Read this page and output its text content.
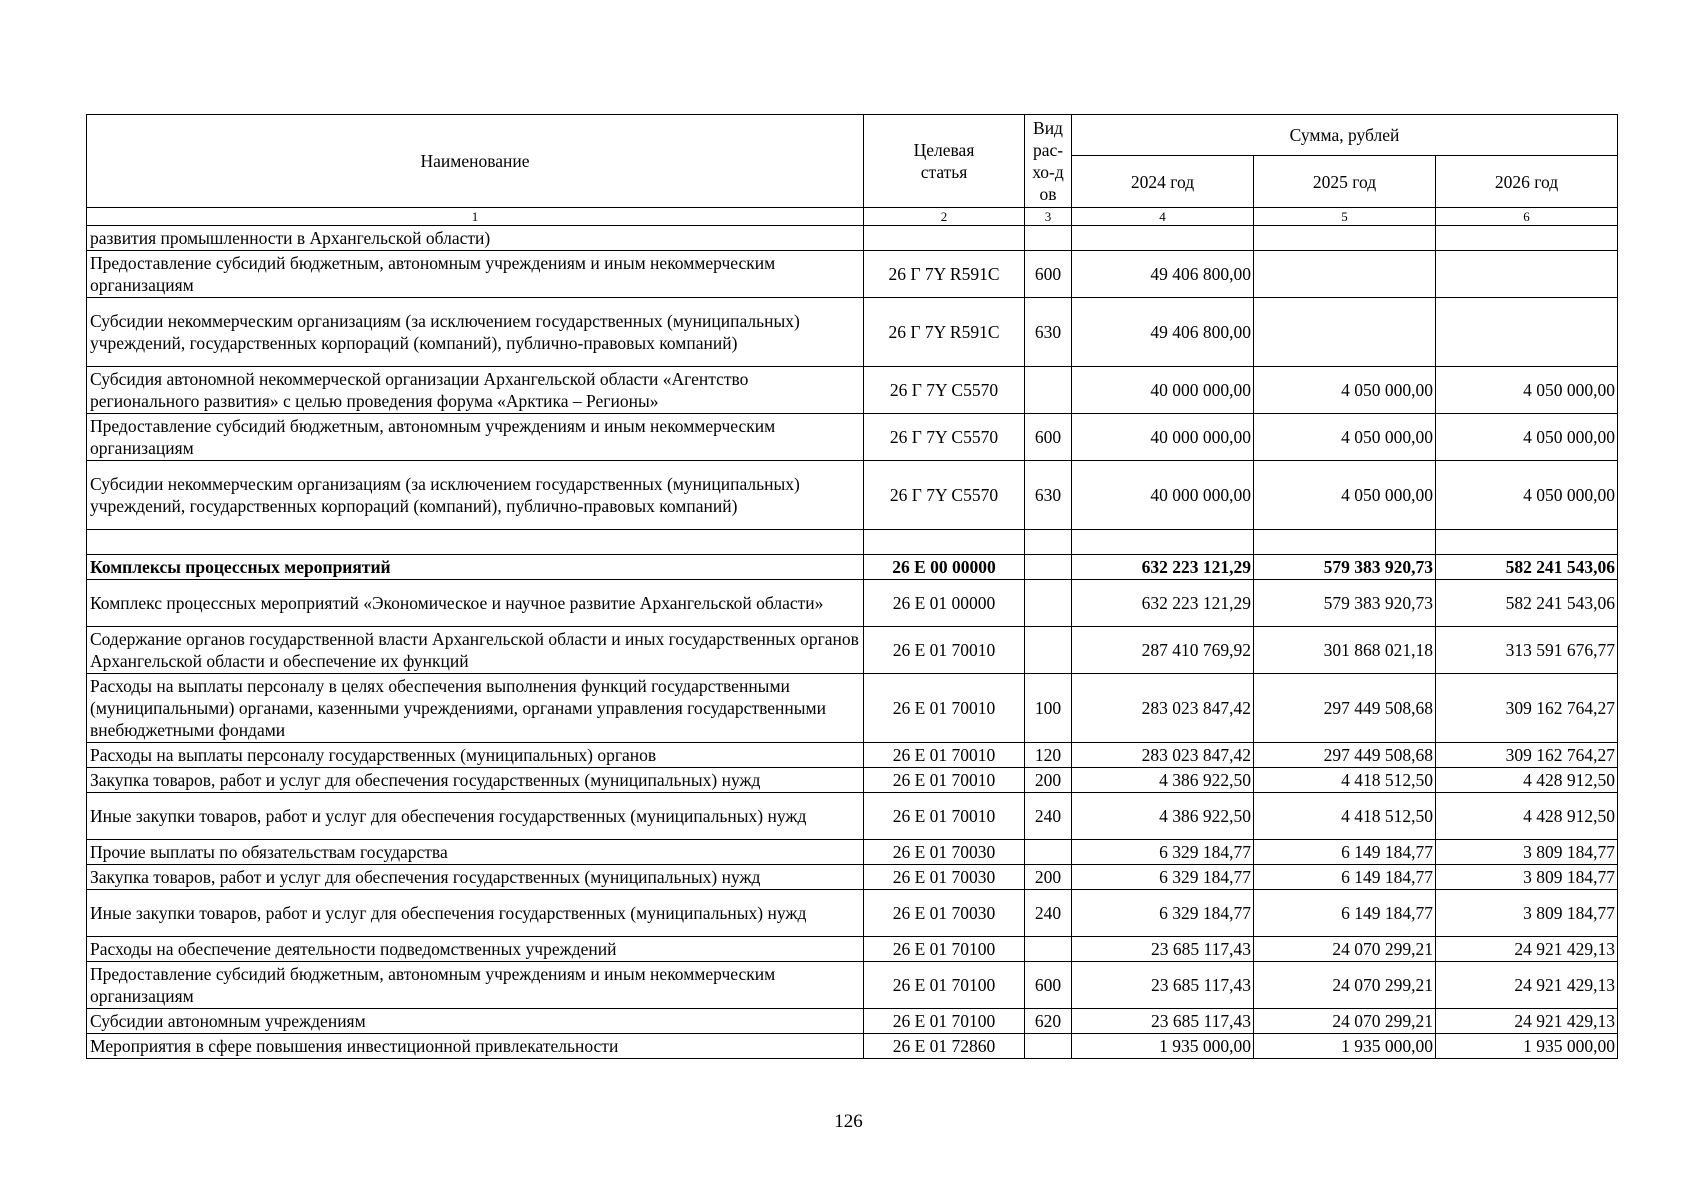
Наименование	Целевая статья	Вид рас-хо-дов	Сумма, рублей		
			2024 год	2025 год	2026 год
1	2	3	4	5	6
развития промышленности в Архангельской области)					
Предоставление субсидий бюджетным, автономным учреждениям и иным некоммерческим организациям	26 Г 7Y R591C	600	49 406 800,00		
Субсидии некоммерческим организациям (за исключением государственных (муниципальных) учреждений, государственных корпораций (компаний), публично-правовых компаний)	26 Г 7Y R591C	630	49 406 800,00		
Субсидия автономной некоммерческой организации Архангельской области «Агентство регионального развития» с целью проведения форума «Арктика – Регионы»	26 Г 7Y С5570		40 000 000,00	4 050 000,00	4 050 000,00
Предоставление субсидий бюджетным, автономным учреждениям и иным некоммерческим организациям	26 Г 7Y С5570	600	40 000 000,00	4 050 000,00	4 050 000,00
Субсидии некоммерческим организациям (за исключением государственных (муниципальных) учреждений, государственных корпораций (компаний), публично-правовых компаний)	26 Г 7Y С5570	630	40 000 000,00	4 050 000,00	4 050 000,00

Комплексы процессных мероприятий	26 Е 00 00000		632 223 121,29	579 383 920,73	582 241 543,06
Комплекс процессных мероприятий «Экономическое и научное развитие Архангельской области»	26 Е 01 00000		632 223 121,29	579 383 920,73	582 241 543,06
Содержание органов государственной власти Архангельской области и иных государственных органов Архангельской области и обеспечение их функций	26 Е 01 70010		287 410 769,92	301 868 021,18	313 591 676,77
Расходы на выплаты персоналу в целях обеспечения выполнения функций государственными (муниципальными) органами, казенными учреждениями, органами управления государственными внебюджетными фондами	26 Е 01 70010	100	283 023 847,42	297 449 508,68	309 162 764,27
Расходы на выплаты персоналу государственных (муниципальных) органов	26 Е 01 70010	120	283 023 847,42	297 449 508,68	309 162 764,27
Закупка товаров, работ и услуг для обеспечения государственных (муниципальных) нужд	26 Е 01 70010	200	4 386 922,50	4 418 512,50	4 428 912,50
Иные закупки товаров, работ и услуг для обеспечения государственных (муниципальных) нужд	26 Е 01 70010	240	4 386 922,50	4 418 512,50	4 428 912,50
Прочие выплаты по обязательствам государства	26 Е 01 70030		6 329 184,77	6 149 184,77	3 809 184,77
Закупка товаров, работ и услуг для обеспечения государственных (муниципальных) нужд	26 Е 01 70030	200	6 329 184,77	6 149 184,77	3 809 184,77
Иные закупки товаров, работ и услуг для обеспечения государственных (муниципальных) нужд	26 Е 01 70030	240	6 329 184,77	6 149 184,77	3 809 184,77
Расходы на обеспечение деятельности подведомственных учреждений	26 Е 01 70100		23 685 117,43	24 070 299,21	24 921 429,13
Предоставление субсидий бюджетным, автономным учреждениям и иным некоммерческим организациям	26 Е 01 70100	600	23 685 117,43	24 070 299,21	24 921 429,13
Субсидии автономным учреждениям	26 Е 01 70100	620	23 685 117,43	24 070 299,21	24 921 429,13
Мероприятия в сфере повышения инвестиционной привлекательности	26 Е 01 72860		1 935 000,00	1 935 000,00	1 935 000,00
126
